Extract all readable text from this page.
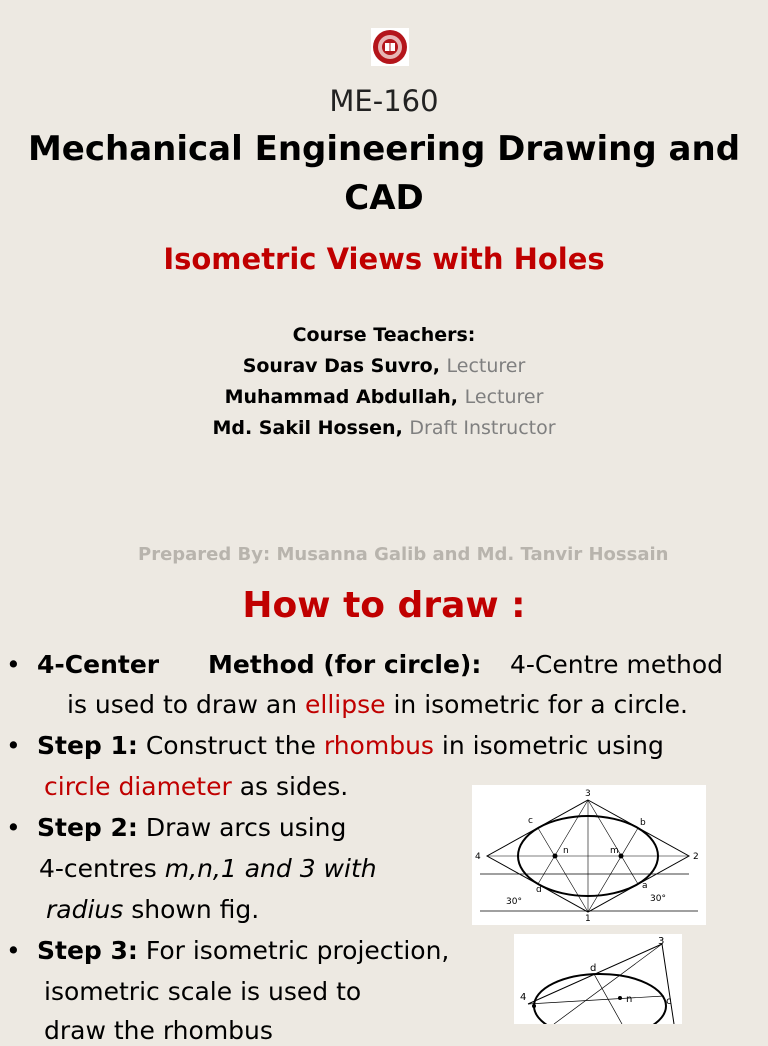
ME-160
Mechanical Engineering Drawing and
CAD
Isometric Views with Holes
Course Teachers:
Sourav Das Suvro, Lecturer
Muhammad Abdullah, Lecturer
Md. Sakil Hossen, Draft Instructor
Prepared By: Musanna Galib and Md. Tanvir Hossain
How to draw :
• 4-Center Method (for circle): 4-Centre method
is used to draw an ellipse in isometric for a circle.
• Step 1: Construct the rhombus in isometric using
circle diameter as sides.
• Step 2: Draw arcs using
4-centres m,n,1 and 3 with
radius shown fig.
• Step 3: For isometric projection,
isometric scale is used to
draw the rhombus
3
c	b
4
n	m
2
d	a
30°	30°
1
3
d
4	n	c
